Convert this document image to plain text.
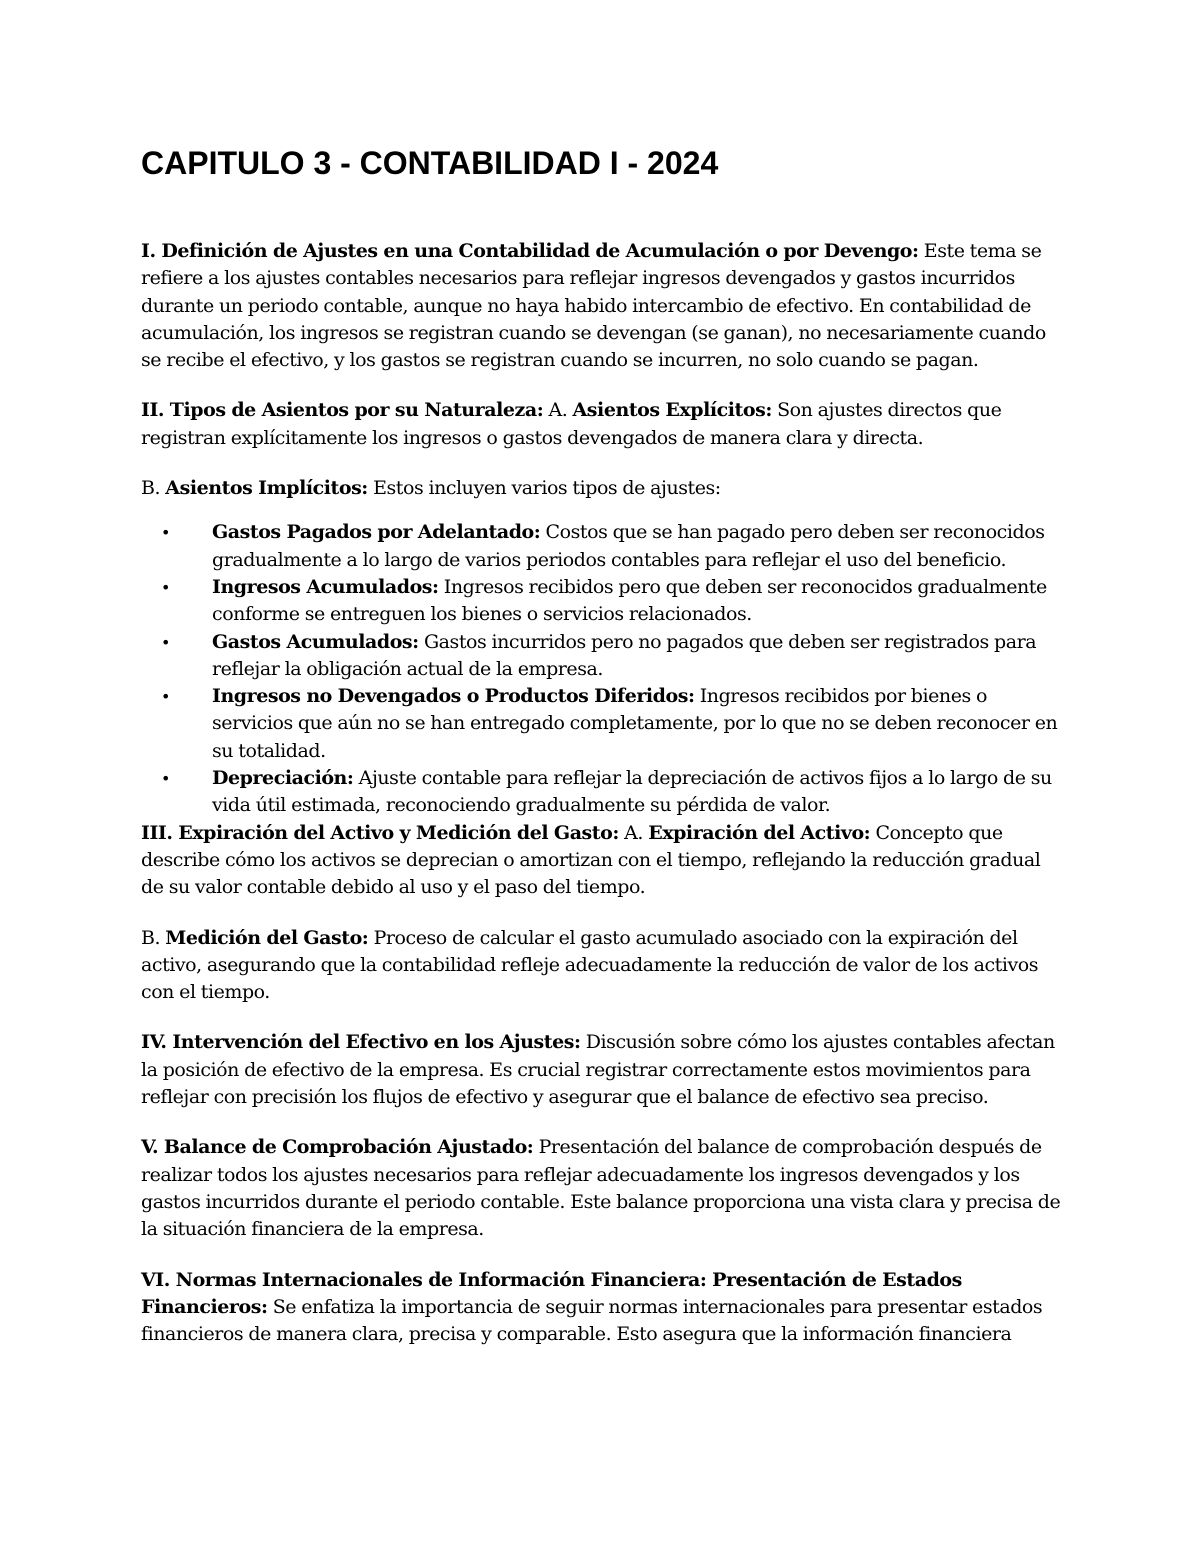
CAPITULO 3 - CONTABILIDAD I - 2024

I. Definición de Ajustes en una Contabilidad de Acumulación o por Devengo: Este tema se refiere a los ajustes contables necesarios para reflejar ingresos devengados y gastos incurridos durante un periodo contable, aunque no haya habido intercambio de efectivo. En contabilidad de acumulación, los ingresos se registran cuando se devengan (se ganan), no necesariamente cuando se recibe el efectivo, y los gastos se registran cuando se incurren, no solo cuando se pagan.

II. Tipos de Asientos por su Naturaleza: A. Asientos Explícitos: Son ajustes directos que registran explícitamente los ingresos o gastos devengados de manera clara y directa.

B. Asientos Implícitos: Estos incluyen varios tipos de ajustes:

• Gastos Pagados por Adelantado: Costos que se han pagado pero deben ser reconocidos gradualmente a lo largo de varios periodos contables para reflejar el uso del beneficio.
• Ingresos Acumulados: Ingresos recibidos pero que deben ser reconocidos gradualmente conforme se entreguen los bienes o servicios relacionados.
• Gastos Acumulados: Gastos incurridos pero no pagados que deben ser registrados para reflejar la obligación actual de la empresa.
• Ingresos no Devengados o Productos Diferidos: Ingresos recibidos por bienes o servicios que aún no se han entregado completamente, por lo que no se deben reconocer en su totalidad.
• Depreciación: Ajuste contable para reflejar la depreciación de activos fijos a lo largo de su vida útil estimada, reconociendo gradualmente su pérdida de valor.

III. Expiración del Activo y Medición del Gasto: A. Expiración del Activo: Concepto que describe cómo los activos se deprecian o amortizan con el tiempo, reflejando la reducción gradual de su valor contable debido al uso y el paso del tiempo.

B. Medición del Gasto: Proceso de calcular el gasto acumulado asociado con la expiración del activo, asegurando que la contabilidad refleje adecuadamente la reducción de valor de los activos con el tiempo.

IV. Intervención del Efectivo en los Ajustes: Discusión sobre cómo los ajustes contables afectan la posición de efectivo de la empresa. Es crucial registrar correctamente estos movimientos para reflejar con precisión los flujos de efectivo y asegurar que el balance de efectivo sea preciso.

V. Balance de Comprobación Ajustado: Presentación del balance de comprobación después de realizar todos los ajustes necesarios para reflejar adecuadamente los ingresos devengados y los gastos incurridos durante el periodo contable. Este balance proporciona una vista clara y precisa de la situación financiera de la empresa.

VI. Normas Internacionales de Información Financiera: Presentación de Estados Financieros: Se enfatiza la importancia de seguir normas internacionales para presentar estados financieros de manera clara, precisa y comparable. Esto asegura que la información financiera
